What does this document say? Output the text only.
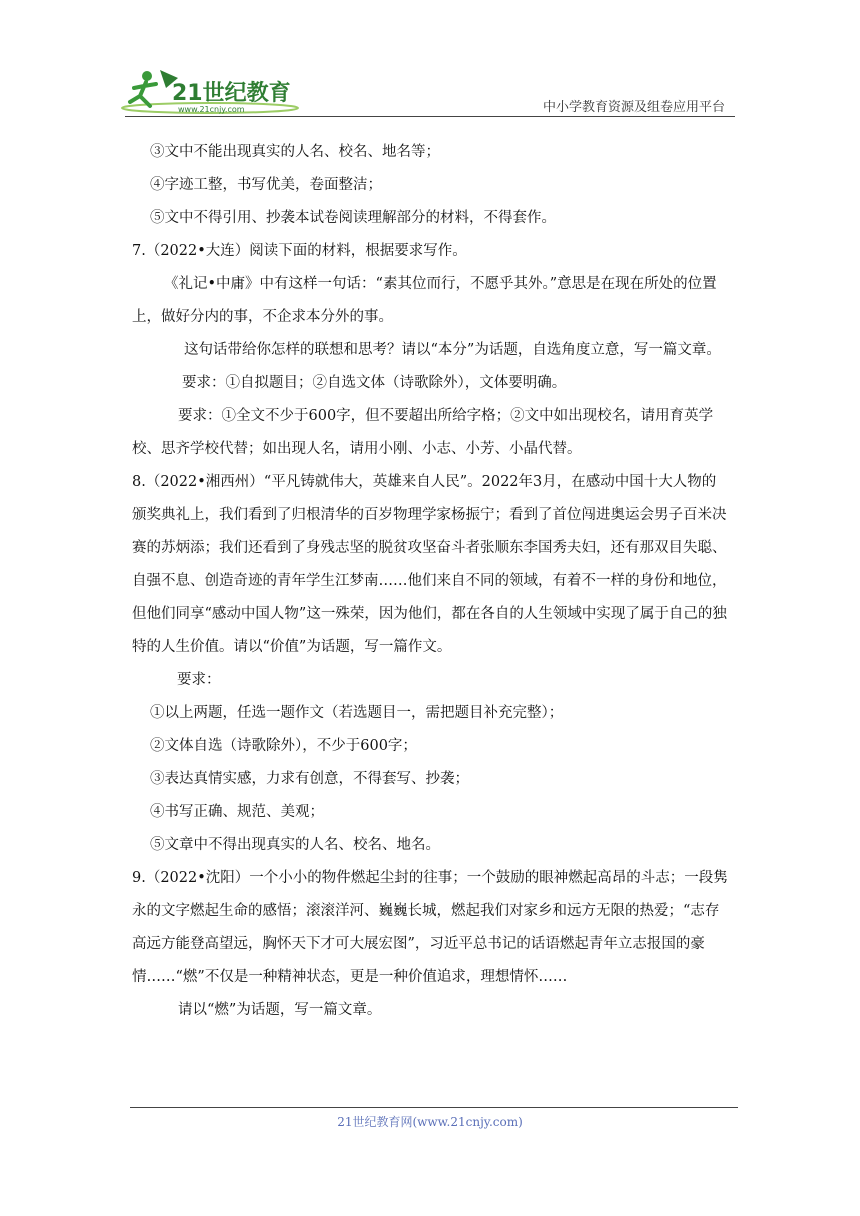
21世纪教育
www.21cnjy.com	中小学教育资源及组卷应用平台

③文中不能出现真实的人名、校名、地名等；

④字迹工整，书写优美，卷面整洁；

⑤文中不得引用、抄袭本试卷阅读理解部分的材料，不得套作。

7.（2022•大连）阅读下面的材料，根据要求写作。

《礼记•中庸》中有这样一句话：“素其位而行，不愿乎其外。”意思是在现在所处的位置上，做好分内的事，不企求本分外的事。

这句话带给你怎样的联想和思考？请以“本分”为话题，自选角度立意，写一篇文章。

要求：①自拟题目；②自选文体（诗歌除外），文体要明确。

要求：①全文不少于600字，但不要超出所给字格；②文中如出现校名，请用育英学校、思齐学校代替；如出现人名，请用小刚、小志、小芳、小晶代替。

8.（2022•湘西州）“平凡铸就伟大，英雄来自人民”。2022年3月，在感动中国十大人物的颁奖典礼上，我们看到了归根清华的百岁物理学家杨振宁；看到了首位闯进奥运会男子百米决赛的苏炳添；我们还看到了身残志坚的脱贫攻坚奋斗者张顺东李国秀夫妇，还有那双目失聪、自强不息、创造奇迹的青年学生江梦南……他们来自不同的领域，有着不一样的身份和地位，但他们同享“感动中国人物”这一殊荣，因为他们，都在各自的人生领域中实现了属于自己的独特的人生价值。请以“价值”为话题，写一篇作文。

要求：

①以上两题，任选一题作文（若选题目一，需把题目补充完整）；

②文体自选（诗歌除外），不少于600字；

③表达真情实感，力求有创意，不得套写、抄袭；

④书写正确、规范、美观；

⑤文章中不得出现真实的人名、校名、地名。

9.（2022•沈阳）一个小小的物件燃起尘封的往事；一个鼓励的眼神燃起高昂的斗志；一段隽永的文字燃起生命的感悟；滚滚洋河、巍巍长城，燃起我们对家乡和远方无限的热爱；“志存高远方能登高望远，胸怀天下才可大展宏图”，习近平总书记的话语燃起青年立志报国的豪情……“燃”不仅是一种精神状态，更是一种价值追求，理想情怀……

请以“燃”为话题，写一篇文章。

21世纪教育网(www.21cnjy.com)
